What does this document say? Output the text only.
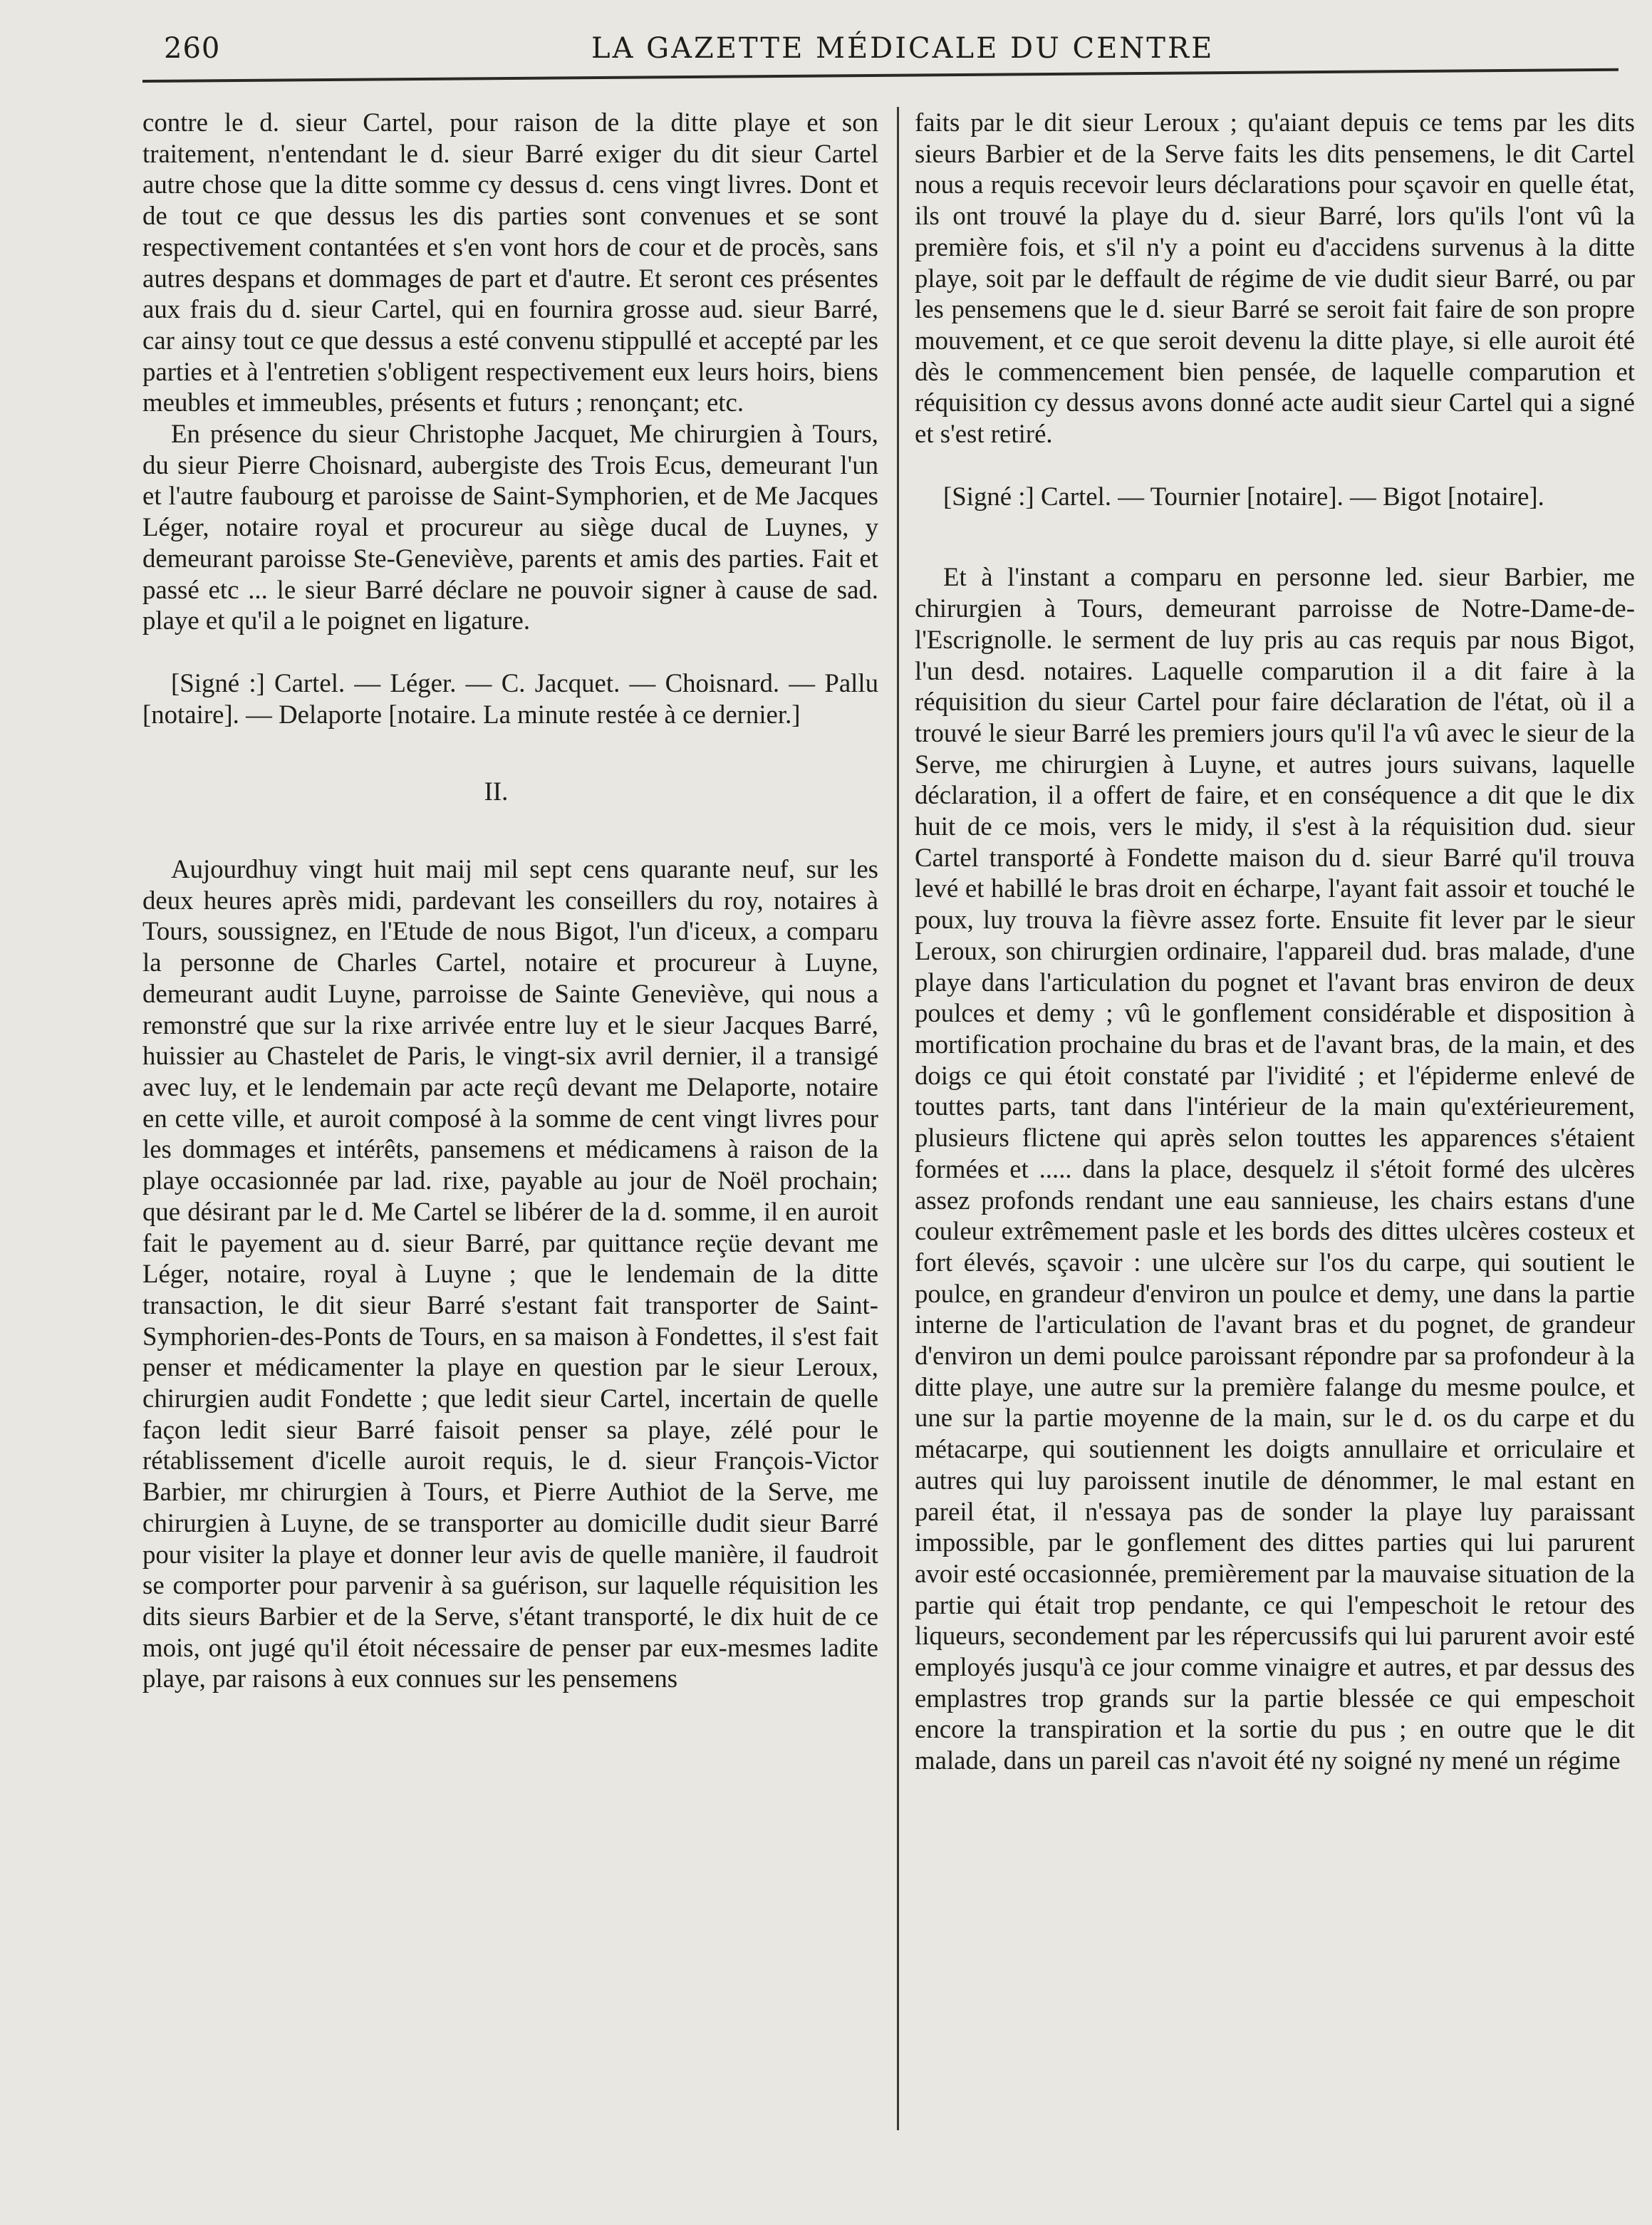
260	LA GAZETTE MÉDICALE DU CENTRE

contre le d. sieur Cartel, pour raison de la ditte playe et son traitement, n'entendant le d. sieur Barré exiger du dit sieur Cartel autre chose que la ditte somme cy dessus d. cens vingt livres. Dont et de tout ce que dessus les dis parties sont convenues et se sont respectivement contantées et s'en vont hors de cour et de procès, sans autres despans et dommages de part et d'autre. Et seront ces présentes aux frais du d. sieur Cartel, qui en fournira grosse aud. sieur Barré, car ainsy tout ce que dessus a esté convenu stippullé et accepté par les parties et à l'entretien s'obligent respectivement eux leurs hoirs, biens meubles et immeubles, présents et futurs ; renonçant; etc.

En présence du sieur Christophe Jacquet, Me chirurgien à Tours, du sieur Pierre Choisnard, aubergiste des Trois Ecus, demeurant l'un et l'autre faubourg et paroisse de Saint-Symphorien, et de Me Jacques Léger, notaire royal et procureur au siège ducal de Luynes, y demeurant paroisse Ste-Geneviève, parents et amis des parties. Fait et passé etc ... le sieur Barré déclare ne pouvoir signer à cause de sad. playe et qu'il a le poignet en ligature.

[Signé :] Cartel. — Léger. — C. Jacquet. — Choisnard. — Pallu [notaire]. — Delaporte [notaire. La minute restée à ce dernier.]

II.

Aujourdhuy vingt huit maij mil sept cens quarante neuf, sur les deux heures après midi, pardevant les conseillers du roy, notaires à Tours, soussignez, en l'Etude de nous Bigot, l'un d'iceux, a comparu la personne de Charles Cartel, notaire et procureur à Luyne, demeurant audit Luyne, parroisse de Sainte Geneviève, qui nous a remonstré que sur la rixe arrivée entre luy et le sieur Jacques Barré, huissier au Chastelet de Paris, le vingt-six avril dernier, il a transigé avec luy, et le lendemain par acte reçû devant me Delaporte, notaire en cette ville, et auroit composé à la somme de cent vingt livres pour les dommages et intérêts, pansemens et médicamens à raison de la playe occasionnée par lad. rixe, payable au jour de Noël prochain; que désirant par le d. Me Cartel se libérer de la d. somme, il en auroit fait le payement au d. sieur Barré, par quittance reçüe devant me Léger, notaire, royal à Luyne ; que le lendemain de la ditte transaction, le dit sieur Barré s'estant fait transporter de Saint-Symphorien-des-Ponts de Tours, en sa maison à Fondettes, il s'est fait penser et médicamenter la playe en question par le sieur Leroux, chirurgien audit Fondette ; que ledit sieur Cartel, incertain de quelle façon ledit sieur Barré faisoit penser sa playe, zélé pour le rétablissement d'icelle auroit requis, le d. sieur François-Victor Barbier, mr chirurgien à Tours, et Pierre Authiot de la Serve, me chirurgien à Luyne, de se transporter au domicille dudit sieur Barré pour visiter la playe et donner leur avis de quelle manière, il faudroit se comporter pour parvenir à sa guérison, sur laquelle réquisition les dits sieurs Barbier et de la Serve, s'étant transporté, le dix huit de ce mois, ont jugé qu'il étoit nécessaire de penser par eux-mesmes ladite playe, par raisons à eux connues sur les pensemens

faits par le dit sieur Leroux ; qu'aiant depuis ce tems par les dits sieurs Barbier et de la Serve faits les dits pensemens, le dit Cartel nous a requis recevoir leurs déclarations pour sçavoir en quelle état, ils ont trouvé la playe du d. sieur Barré, lors qu'ils l'ont vû la première fois, et s'il n'y a point eu d'accidens survenus à la ditte playe, soit par le deffault de régime de vie dudit sieur Barré, ou par les pensemens que le d. sieur Barré se seroit fait faire de son propre mouvement, et ce que seroit devenu la ditte playe, si elle auroit été dès le commencement bien pensée, de laquelle comparution et réquisition cy dessus avons donné acte audit sieur Cartel qui a signé et s'est retiré.

[Signé :] Cartel. — Tournier [notaire]. — Bigot [notaire].

Et à l'instant a comparu en personne led. sieur Barbier, me chirurgien à Tours, demeurant parroisse de Notre-Dame-de-l'Escrignolle. le serment de luy pris au cas requis par nous Bigot, l'un desd. notaires. Laquelle comparution il a dit faire à la réquisition du sieur Cartel pour faire déclaration de l'état, où il a trouvé le sieur Barré les premiers jours qu'il l'a vû avec le sieur de la Serve, me chirurgien à Luyne, et autres jours suivans, laquelle déclaration, il a offert de faire, et en conséquence a dit que le dix huit de ce mois, vers le midy, il s'est à la réquisition dud. sieur Cartel transporté à Fondette maison du d. sieur Barré qu'il trouva levé et habillé le bras droit en écharpe, l'ayant fait assoir et touché le poux, luy trouva la fièvre assez forte. Ensuite fit lever par le sieur Leroux, son chirurgien ordinaire, l'appareil dud. bras malade, d'une playe dans l'articulation du pognet et l'avant bras environ de deux poulces et demy ; vû le gonflement considérable et disposition à mortification prochaine du bras et de l'avant bras, de la main, et des doigs ce qui étoit constaté par l'ividité ; et l'épiderme enlevé de touttes parts, tant dans l'intérieur de la main qu'extérieurement, plusieurs flictene qui après selon touttes les apparences s'étaient formées et ..... dans la place, desquelz il s'étoit formé des ulcères assez profonds rendant une eau sannieuse, les chairs estans d'une couleur extrêmement pasle et les bords des dittes ulcères costeux et fort élevés, sçavoir : une ulcère sur l'os du carpe, qui soutient le poulce, en grandeur d'environ un poulce et demy, une dans la partie interne de l'articulation de l'avant bras et du pognet, de grandeur d'environ un demi poulce paroissant répondre par sa profondeur à la ditte playe, une autre sur la première falange du mesme poulce, et une sur la partie moyenne de la main, sur le d. os du carpe et du métacarpe, qui soutiennent les doigts annullaire et orriculaire et autres qui luy paroissent inutile de dénommer, le mal estant en pareil état, il n'essaya pas de sonder la playe luy paraissant impossible, par le gonflement des dittes parties qui lui parurent avoir esté occasionnée, premièrement par la mauvaise situation de la partie qui était trop pendante, ce qui l'empeschoit le retour des liqueurs, secondement par les répercussifs qui lui parurent avoir esté employés jusqu'à ce jour comme vinaigre et autres, et par dessus des emplastres trop grands sur la partie blessée ce qui empeschoit encore la transpiration et la sortie du pus ; en outre que le dit malade, dans un pareil cas n'avoit été ny soigné ny mené un régime
